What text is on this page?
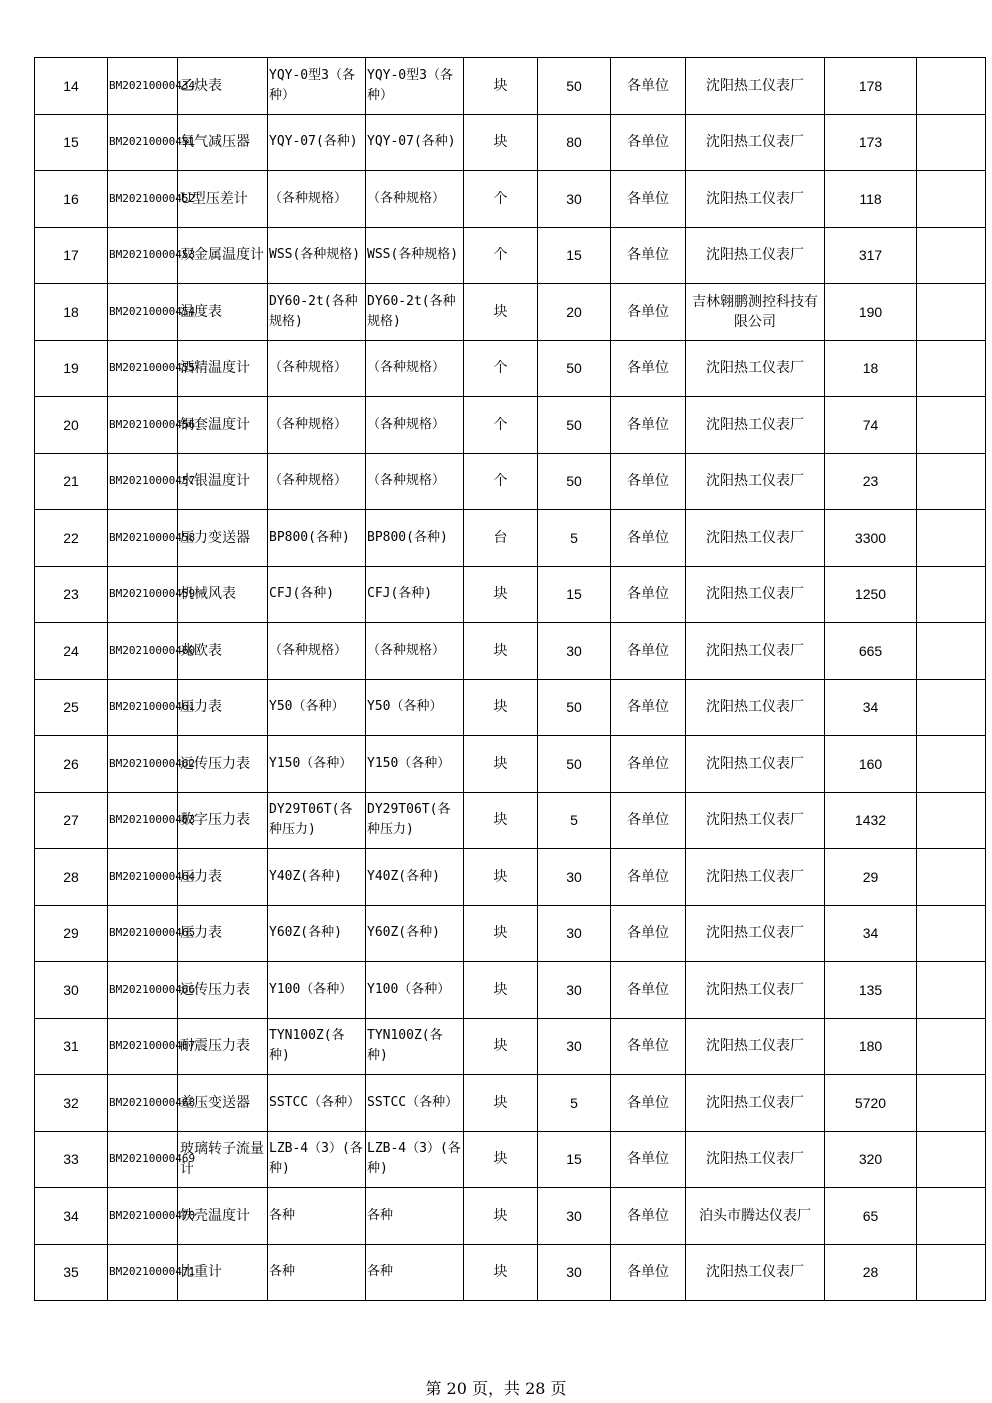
14	BM20210000434	乙炔表	YQY-0型3（各种）	YQY-0型3（各种）	块	50	各单位	沈阳热工仪表厂	178	
15	BM20210000451	氧气减压器	YQY-07(各种)	YQY-07(各种)	块	80	各单位	沈阳热工仪表厂	173	
16	BM20210000452	U型压差计	（各种规格）	（各种规格）	个	30	各单位	沈阳热工仪表厂	118	
17	BM20210000453	双金属温度计	WSS(各种规格)	WSS(各种规格)	个	15	各单位	沈阳热工仪表厂	317	
18	BM20210000454	温度表	DY60-2t(各种规格)	DY60-2t(各种规格)	块	20	各单位	吉林翱鹏测控科技有限公司	190	
19	BM20210000455	酒精温度计	（各种规格）	（各种规格）	个	50	各单位	沈阳热工仪表厂	18	
20	BM20210000456	铜套温度计	（各种规格）	（各种规格）	个	50	各单位	沈阳热工仪表厂	74	
21	BM20210000457	水银温度计	（各种规格）	（各种规格）	个	50	各单位	沈阳热工仪表厂	23	
22	BM20210000458	压力变送器	BP800(各种)	BP800(各种)	台	5	各单位	沈阳热工仪表厂	3300	
23	BM20210000459	机械风表	CFJ(各种)	CFJ(各种)	块	15	各单位	沈阳热工仪表厂	1250	
24	BM20210000460	兆欧表	（各种规格）	（各种规格）	块	30	各单位	沈阳热工仪表厂	665	
25	BM20210000461	压力表	Y50（各种）	Y50（各种）	块	50	各单位	沈阳热工仪表厂	34	
26	BM20210000462	远传压力表	Y150（各种）	Y150（各种）	块	50	各单位	沈阳热工仪表厂	160	
27	BM20210000463	数字压力表	DY29T06T(各种压力)	DY29T06T(各种压力)	块	5	各单位	沈阳热工仪表厂	1432	
28	BM20210000464	压力表	Y40Z(各种)	Y40Z(各种)	块	30	各单位	沈阳热工仪表厂	29	
29	BM20210000465	压力表	Y60Z(各种)	Y60Z(各种)	块	30	各单位	沈阳热工仪表厂	34	
30	BM20210000466	远传压力表	Y100（各种）	Y100（各种）	块	30	各单位	沈阳热工仪表厂	135	
31	BM20210000467	耐震压力表	TYN100Z(各种)	TYN100Z(各种)	块	30	各单位	沈阳热工仪表厂	180	
32	BM20210000468	差压变送器	SSTCC（各种）	SSTCC（各种）	块	5	各单位	沈阳热工仪表厂	5720	
33	BM20210000469	玻璃转子流量计	LZB-4（3）(各种)	LZB-4（3）(各种)	块	15	各单位	沈阳热工仪表厂	320	
34	BM20210000470	铁壳温度计	各种	各种	块	30	各单位	泊头市腾达仪表厂	65	
35	BM20210000471	比重计	各种	各种	块	30	各单位	沈阳热工仪表厂	28	
第 20 页，共 28 页
